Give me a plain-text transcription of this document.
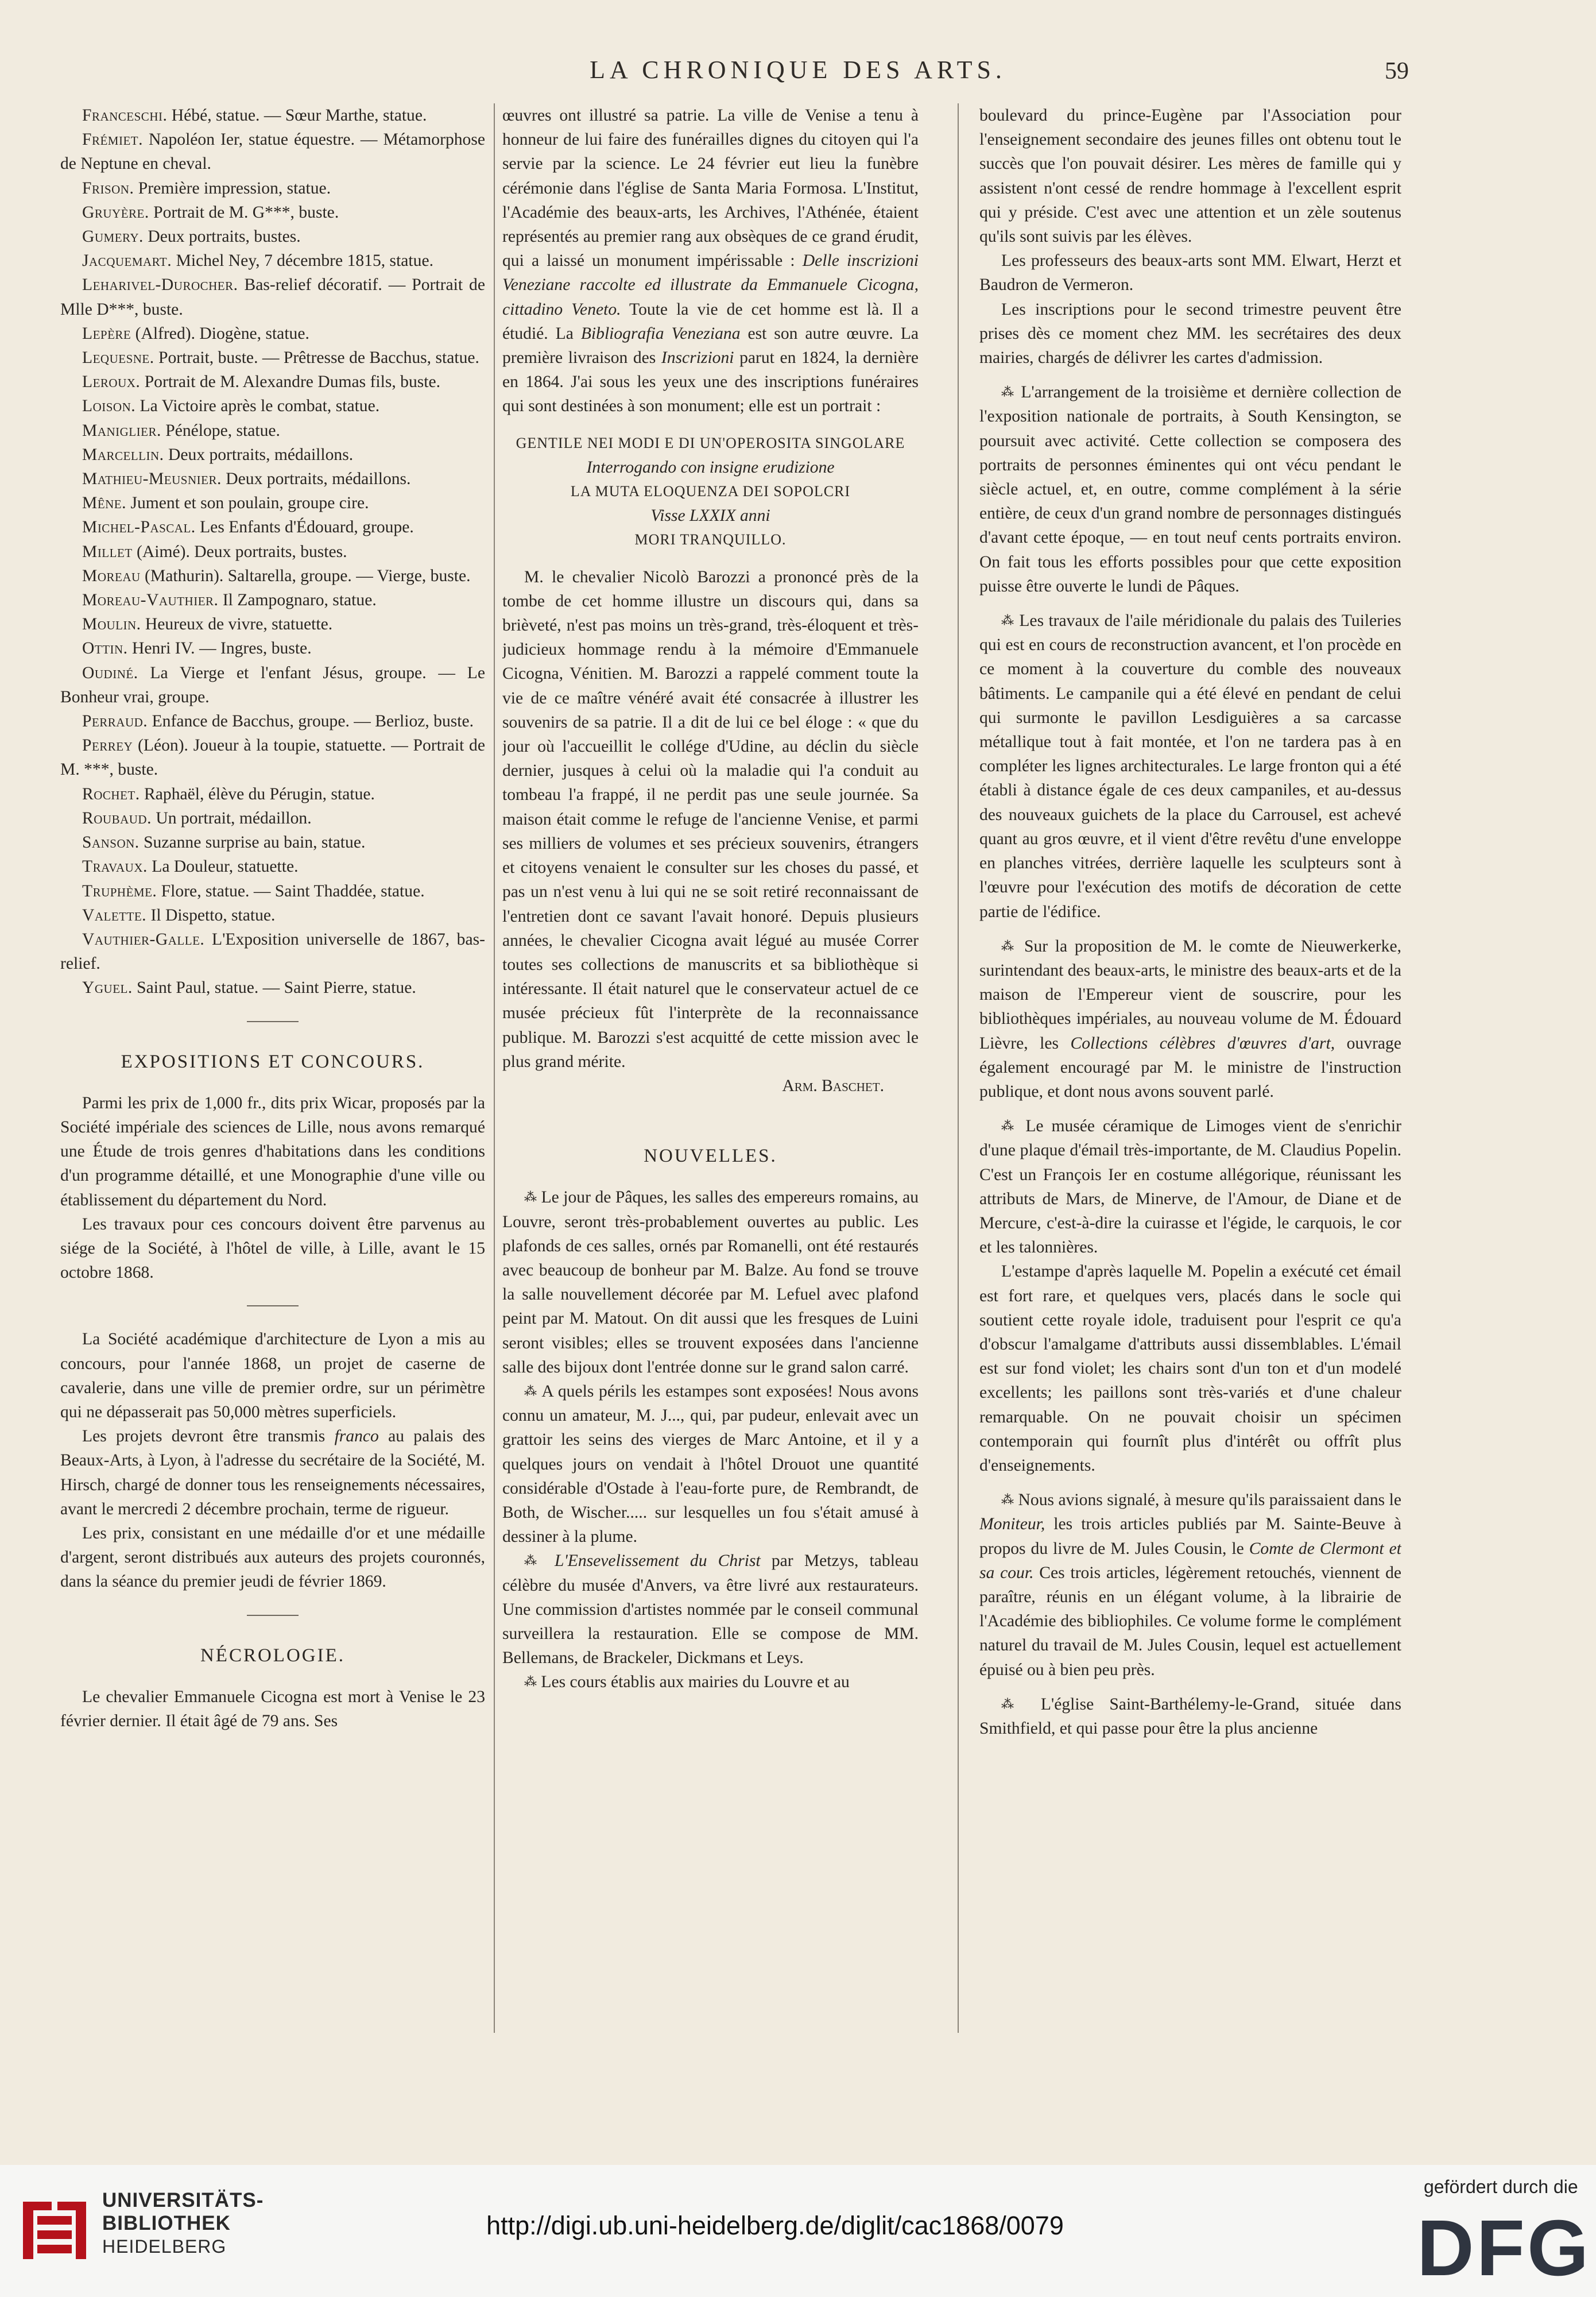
LA CHRONIQUE DES ARTS.	59

Franceschi. Hébé, statue. — Sœur Marthe, statue.

Frémiet. Napoléon Ier, statue équestre. — Métamorphose de Neptune en cheval.

Frison. Première impression, statue.

Gruyère. Portrait de M. G***, buste.

Gumery. Deux portraits, bustes.

Jacquemart. Michel Ney, 7 décembre 1815, statue.

Leharivel-Durocher. Bas-relief décoratif. — Portrait de Mlle D***, buste.

Lepère (Alfred). Diogène, statue.

Lequesne. Portrait, buste. — Prêtresse de Bacchus, statue.

Leroux. Portrait de M. Alexandre Dumas fils, buste.

Loison. La Victoire après le combat, statue.

Maniglier. Pénélope, statue.

Marcellin. Deux portraits, médaillons.

Mathieu-Meusnier. Deux portraits, médaillons.

Mêne. Jument et son poulain, groupe cire.

Michel-Pascal. Les Enfants d'Édouard, groupe.

Millet (Aimé). Deux portraits, bustes.

Moreau (Mathurin). Saltarella, groupe. — Vierge, buste.

Moreau-Vauthier. Il Zampognaro, statue.

Moulin. Heureux de vivre, statuette.

Ottin. Henri IV. — Ingres, buste.

Oudiné. La Vierge et l'enfant Jésus, groupe. — Le Bonheur vrai, groupe.

Perraud. Enfance de Bacchus, groupe. — Berlioz, buste.

Perrey (Léon). Joueur à la toupie, statuette. — Portrait de M. ***, buste.

Rochet. Raphaël, élève du Pérugin, statue.

Roubaud. Un portrait, médaillon.

Sanson. Suzanne surprise au bain, statue.

Travaux. La Douleur, statuette.

Truphème. Flore, statue. — Saint Thaddée, statue.

Valette. Il Dispetto, statue.

Vauthier-Galle. L'Exposition universelle de 1867, bas-relief.

Yguel. Saint Paul, statue. — Saint Pierre, statue.

EXPOSITIONS ET CONCOURS.

Parmi les prix de 1,000 fr., dits prix Wicar, proposés par la Société impériale des sciences de Lille, nous avons remarqué une Étude de trois genres d'habitations dans les conditions d'un programme détaillé, et une Monographie d'une ville ou établissement du département du Nord.

Les travaux pour ces concours doivent être parvenus au siége de la Société, à l'hôtel de ville, à Lille, avant le 15 octobre 1868.

La Société académique d'architecture de Lyon a mis au concours, pour l'année 1868, un projet de caserne de cavalerie, dans une ville de premier ordre, sur un périmètre qui ne dépasserait pas 50,000 mètres superficiels.

Les projets devront être transmis franco au palais des Beaux-Arts, à Lyon, à l'adresse du secrétaire de la Société, M. Hirsch, chargé de donner tous les renseignements nécessaires, avant le mercredi 2 décembre prochain, terme de rigueur.

Les prix, consistant en une médaille d'or et une médaille d'argent, seront distribués aux auteurs des projets couronnés, dans la séance du premier jeudi de février 1869.

NÉCROLOGIE.

Le chevalier Emmanuele Cicogna est mort à Venise le 23 février dernier. Il était âgé de 79 ans. Ses

œuvres ont illustré sa patrie. La ville de Venise a tenu à honneur de lui faire des funérailles dignes du citoyen qui l'a servie par la science. Le 24 février eut lieu la funèbre cérémonie dans l'église de Santa Maria Formosa. L'Institut, l'Académie des beaux-arts, les Archives, l'Athénée, étaient représentés au premier rang aux obsèques de ce grand érudit, qui a laissé un monument impérissable : Delle inscrizioni Veneziane raccolte ed illustrate da Emmanuele Cicogna, cittadino Veneto. Toute la vie de cet homme est là. Il a étudié. La Bibliografia Veneziana est son autre œuvre. La première livraison des Inscrizioni parut en 1824, la dernière en 1864. J'ai sous les yeux une des inscriptions funéraires qui sont destinées à son monument; elle est un portrait :

GENTILE NEI MODI E DI UN'OPEROSITA SINGOLARE

Interrogando con insigne erudizione

LA MUTA ELOQUENZA DEI SOPOLCRI

Visse LXXIX anni

MORI TRANQUILLO.

M. le chevalier Nicolò Barozzi a prononcé près de la tombe de cet homme illustre un discours qui, dans sa brièveté, n'est pas moins un très-grand, très-éloquent et très-judicieux hommage rendu à la mémoire d'Emmanuele Cicogna, Vénitien. M. Barozzi a rappelé comment toute la vie de ce maître vénéré avait été consacrée à illustrer les souvenirs de sa patrie. Il a dit de lui ce bel éloge : « que du jour où l'accueillit le collége d'Udine, au déclin du siècle dernier, jusques à celui où la maladie qui l'a conduit au tombeau l'a frappé, il ne perdit pas une seule journée. Sa maison était comme le refuge de l'ancienne Venise, et parmi ses milliers de volumes et ses précieux souvenirs, étrangers et citoyens venaient le consulter sur les choses du passé, et pas un n'est venu à lui qui ne se soit retiré reconnaissant de l'entretien dont ce savant l'avait honoré. Depuis plusieurs années, le chevalier Cicogna avait légué au musée Correr toutes ses collections de manuscrits et sa bibliothèque si intéressante. Il était naturel que le conservateur actuel de ce musée précieux fût l'interprète de la reconnaissance publique. M. Barozzi s'est acquitté de cette mission avec le plus grand mérite.

Arm. Baschet.

NOUVELLES.

⁂ Le jour de Pâques, les salles des empereurs romains, au Louvre, seront très-probablement ouvertes au public. Les plafonds de ces salles, ornés par Romanelli, ont été restaurés avec beaucoup de bonheur par M. Balze. Au fond se trouve la salle nouvellement décorée par M. Lefuel avec plafond peint par M. Matout. On dit aussi que les fresques de Luini seront visibles; elles se trouvent exposées dans l'ancienne salle des bijoux dont l'entrée donne sur le grand salon carré.

⁂ A quels périls les estampes sont exposées! Nous avons connu un amateur, M. J..., qui, par pudeur, enlevait avec un grattoir les seins des vierges de Marc Antoine, et il y a quelques jours on vendait à l'hôtel Drouot une quantité considérable d'Ostade à l'eau-forte pure, de Rembrandt, de Both, de Wischer..... sur lesquelles un fou s'était amusé à dessiner à la plume.

⁂ L'Ensevelissement du Christ par Metzys, tableau célèbre du musée d'Anvers, va être livré aux restaurateurs. Une commission d'artistes nommée par le conseil communal surveillera la restauration. Elle se compose de MM. Bellemans, de Brackeler, Dickmans et Leys.

⁂ Les cours établis aux mairies du Louvre et au

boulevard du prince-Eugène par l'Association pour l'enseignement secondaire des jeunes filles ont obtenu tout le succès que l'on pouvait désirer. Les mères de famille qui y assistent n'ont cessé de rendre hommage à l'excellent esprit qui y préside. C'est avec une attention et un zèle soutenus qu'ils sont suivis par les élèves.

Les professeurs des beaux-arts sont MM. Elwart, Herzt et Baudron de Vermeron.

Les inscriptions pour le second trimestre peuvent être prises dès ce moment chez MM. les secrétaires des deux mairies, chargés de délivrer les cartes d'admission.

⁂ L'arrangement de la troisième et dernière collection de l'exposition nationale de portraits, à South Kensington, se poursuit avec activité. Cette collection se composera des portraits de personnes éminentes qui ont vécu pendant le siècle actuel, et, en outre, comme complément à la série entière, de ceux d'un grand nombre de personnages distingués d'avant cette époque, — en tout neuf cents portraits environ. On fait tous les efforts possibles pour que cette exposition puisse être ouverte le lundi de Pâques.

⁂ Les travaux de l'aile méridionale du palais des Tuileries qui est en cours de reconstruction avancent, et l'on procède en ce moment à la couverture du comble des nouveaux bâtiments. Le campanile qui a été élevé en pendant de celui qui surmonte le pavillon Lesdiguières a sa carcasse métallique tout à fait montée, et l'on ne tardera pas à en compléter les lignes architecturales. Le large fronton qui a été établi à distance égale de ces deux campaniles, et au-dessus des nouveaux guichets de la place du Carrousel, est achevé quant au gros œuvre, et il vient d'être revêtu d'une enveloppe en planches vitrées, derrière laquelle les sculpteurs sont à l'œuvre pour l'exécution des motifs de décoration de cette partie de l'édifice.

⁂ Sur la proposition de M. le comte de Nieuwerkerke, surintendant des beaux-arts, le ministre des beaux-arts et de la maison de l'Empereur vient de souscrire, pour les bibliothèques impériales, au nouveau volume de M. Édouard Lièvre, les Collections célèbres d'œuvres d'art, ouvrage également encouragé par M. le ministre de l'instruction publique, et dont nous avons souvent parlé.

⁂ Le musée céramique de Limoges vient de s'enrichir d'une plaque d'émail très-importante, de M. Claudius Popelin. C'est un François Ier en costume allégorique, réunissant les attributs de Mars, de Minerve, de l'Amour, de Diane et de Mercure, c'est-à-dire la cuirasse et l'égide, le carquois, le cor et les talonnières.

L'estampe d'après laquelle M. Popelin a exécuté cet émail est fort rare, et quelques vers, placés dans le socle qui soutient cette royale idole, traduisent pour l'esprit ce qu'a d'obscur l'amalgame d'attributs aussi dissemblables. L'émail est sur fond violet; les chairs sont d'un ton et d'un modelé excellents; les paillons sont très-variés et d'une chaleur remarquable. On ne pouvait choisir un spécimen contemporain qui fournît plus d'intérêt ou offrît plus d'enseignements.

⁂ Nous avions signalé, à mesure qu'ils paraissaient dans le Moniteur, les trois articles publiés par M. Sainte-Beuve à propos du livre de M. Jules Cousin, le Comte de Clermont et sa cour. Ces trois articles, légèrement retouchés, viennent de paraître, réunis en un élégant volume, à la librairie de l'Académie des bibliophiles. Ce volume forme le complément naturel du travail de M. Jules Cousin, lequel est actuellement épuisé ou à bien peu près.

⁂ L'église Saint-Barthélemy-le-Grand, située dans Smithfield, et qui passe pour être la plus ancienne

UNIVERSITÄTS-
BIBLIOTHEK
HEIDELBERG
http://digi.ub.uni-heidelberg.de/diglit/cac1868/0079
gefördert durch die
DFG
